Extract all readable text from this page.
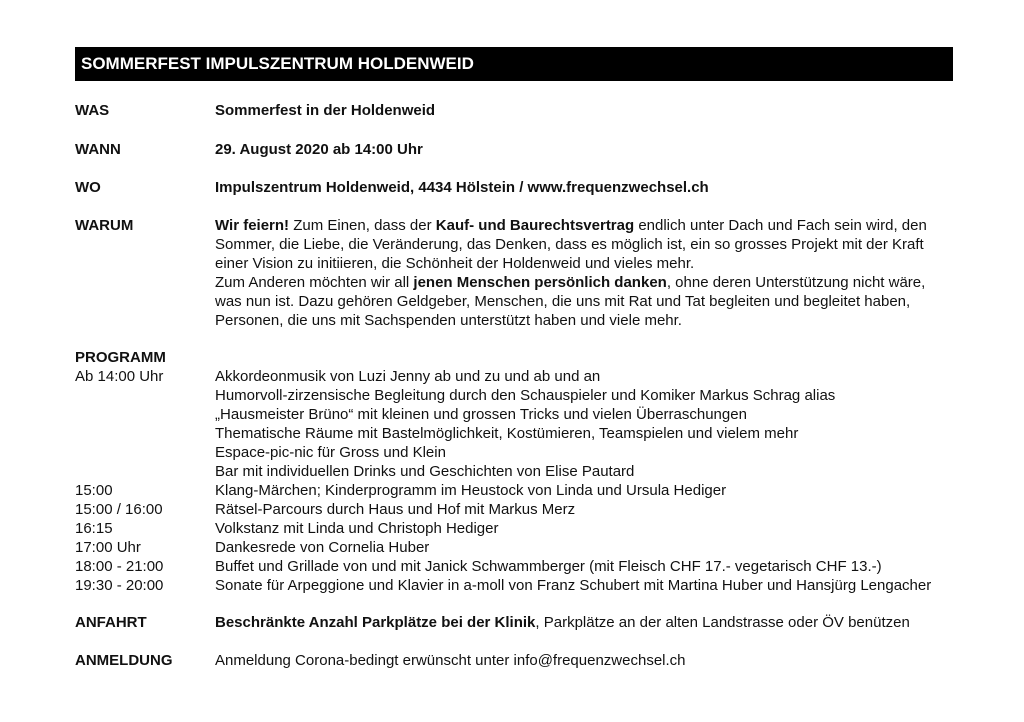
SOMMERFEST IMPULSZENTRUM HOLDENWEID
WAS	Sommerfest in der Holdenweid
WANN	29. August 2020 ab 14:00 Uhr
WO	Impulszentrum Holdenweid, 4434 Hölstein / www.frequenzwechsel.ch
WARUM	Wir feiern! Zum Einen, dass der Kauf- und Baurechtsvertrag endlich unter Dach und Fach sein wird, den Sommer, die Liebe, die Veränderung, das Denken, dass es möglich ist, ein so grosses Projekt mit der Kraft einer Vision zu initiieren, die Schönheit der Holdenweid und vieles mehr.

Zum Anderen möchten wir all jenen Menschen persönlich danken, ohne deren Unterstützung nicht wäre, was nun ist. Dazu gehören Geldgeber, Menschen, die uns mit Rat und Tat begleiten und begleitet haben, Personen, die uns mit Sachspenden unterstützt haben und viele mehr.

PROGRAMM
Ab 14:00 Uhr	Akkordeonmusik von Luzi Jenny ab und zu und ab und an
Humorvoll-zirzensische Begleitung durch den Schauspieler und Komiker Markus Schrag alias
„Hausmeister Brüno“ mit kleinen und grossen Tricks und vielen Überraschungen
Thematische Räume mit Bastelmöglichkeit, Kostümieren, Teamspielen und vielem mehr
Espace-pic-nic für Gross und Klein
Bar mit individuellen Drinks und Geschichten von Elise Pautard
15:00	Klang-Märchen; Kinderprogramm im Heustock von Linda und Ursula Hediger
15:00 / 16:00	Rätsel-Parcours durch Haus und Hof mit Markus Merz
16:15	Volkstanz mit Linda und Christoph Hediger
17:00 Uhr	Dankesrede von Cornelia Huber
18:00 - 21:00	Buffet und Grillade von und mit Janick Schwammberger (mit Fleisch CHF 17.- vegetarisch CHF 13.-)
19:30 - 20:00	Sonate für Arpeggione und Klavier in a-moll von Franz Schubert mit Martina Huber und Hansjürg Lengacher
ANFAHRT	Beschränkte Anzahl Parkplätze bei der Klinik, Parkplätze an der alten Landstrasse oder ÖV benützen
ANMELDUNG	Anmeldung Corona-bedingt erwünscht unter info@frequenzwechsel.ch
